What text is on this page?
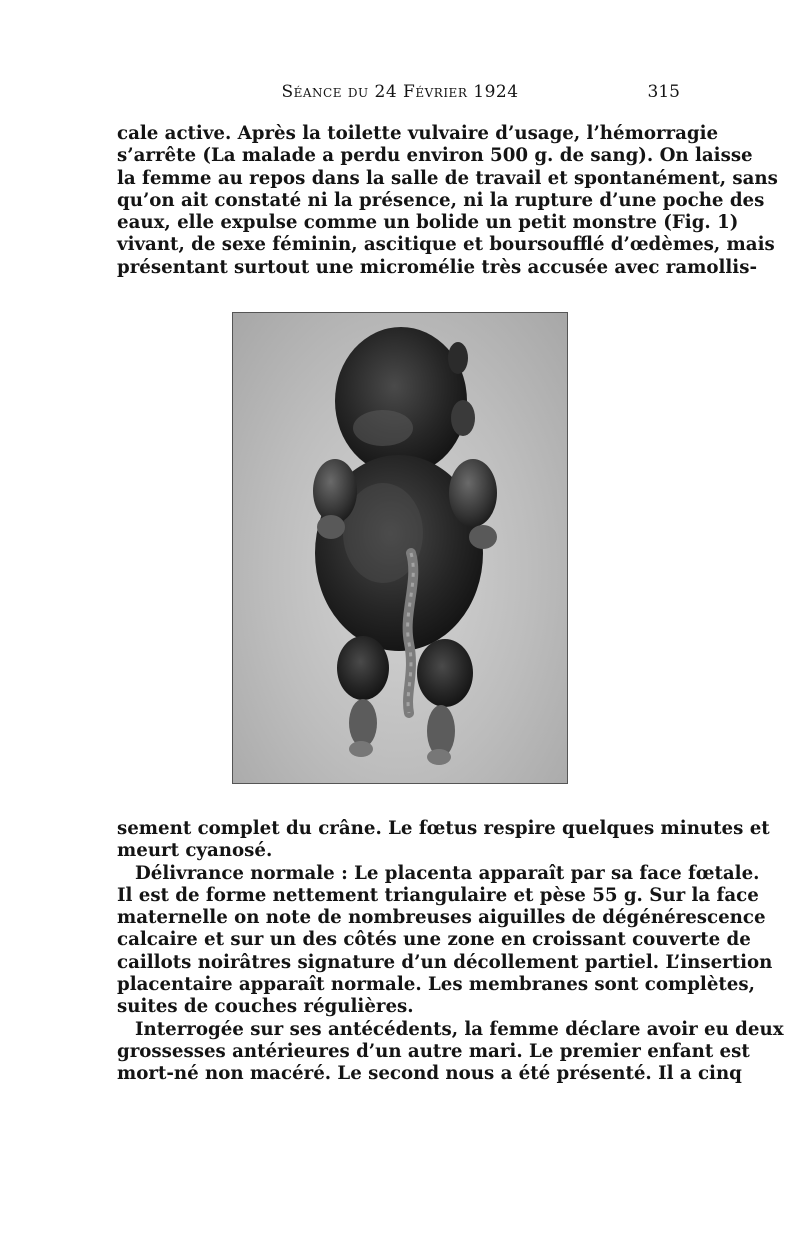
Séance du 24 Février 1924	315
cale active. Après la toilette vulvaire d’usage, l’hémorragie
s’arrête (La malade a perdu environ 500 g. de sang). On laisse
la femme au repos dans la salle de travail et spontanément, sans
qu’on ait constaté ni la présence, ni la rupture d’une poche des
eaux, elle expulse comme un bolide un petit monstre (Fig. 1)
vivant, de sexe féminin, ascitique et boursoufflé d’œdèmes, mais
présentant surtout une micromélie très accusée avec ramollis-
sement complet du crâne. Le fœtus respire quelques minutes et
meurt cyanosé.
Délivrance normale : Le placenta apparaît par sa face fœtale.
Il est de forme nettement triangulaire et pèse 55 g. Sur la face
maternelle on note de nombreuses aiguilles de dégénérescence
calcaire et sur un des côtés une zone en croissant couverte de
caillots noirâtres signature d’un décollement partiel. L’insertion
placentaire apparaît normale. Les membranes sont complètes,
suites de couches régulières.
Interrogée sur ses antécédents, la femme déclare avoir eu deux
grossesses antérieures d’un autre mari. Le premier enfant est
mort-né non macéré. Le second nous a été présenté. Il a cinq
